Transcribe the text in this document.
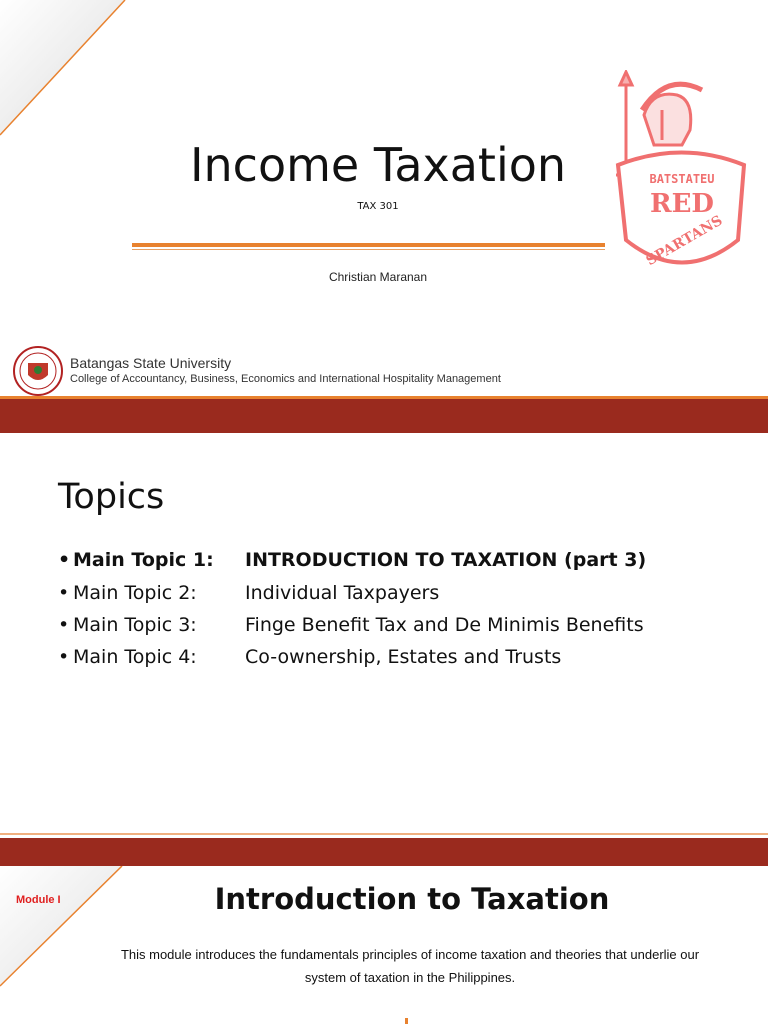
Income Taxation
TAX 301
Christian Maranan
BATSTATEU
RED
SPARTANS
Batangas State University
College of Accountancy, Business, Economics and International Hospitality Management
Topics
• Main Topic 1: INTRODUCTION TO TAXATION (part 3)
• Main Topic 2:	Individual Taxpayers
• Main Topic 3:	Finge Benefit Tax and De Minimis Benefits
• Main Topic 4:	Co-ownership, Estates and Trusts
Module I	Introduction to Taxation
This module introduces the fundamentals principles of income taxation and theories that underlie our system of taxation in the Philippines.
